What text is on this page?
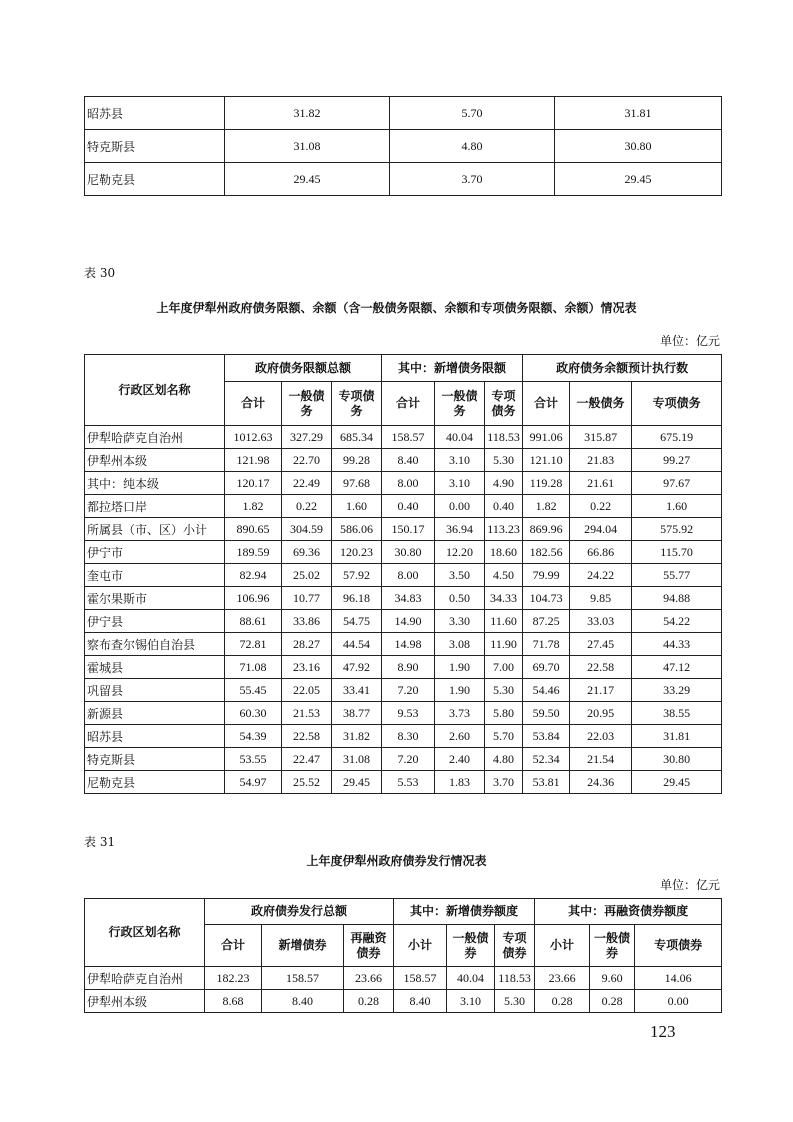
昭苏县	31.82	5.70	31.81
特克斯县	31.08	4.80	30.80
尼勒克县	29.45	3.70	29.45
表 30
上年度伊犁州政府债务限额、余额（含一般债务限额、余额和专项债务限额、余额）情况表
单位：亿元
行政区划名称	政府债务限额总额			其中：新增债务限额			政府债务余额预计执行数		
	合计	一般债务	专项债务	合计	一般债务	专项债务	合计	一般债务	专项债务
伊犁哈萨克自治州	1012.63	327.29	685.34	158.57	40.04	118.53	991.06	315.87	675.19
伊犁州本级	121.98	22.70	99.28	8.40	3.10	5.30	121.10	21.83	99.27
其中：纯本级	120.17	22.49	97.68	8.00	3.10	4.90	119.28	21.61	97.67
都拉塔口岸	1.82	0.22	1.60	0.40	0.00	0.40	1.82	0.22	1.60
所属县（市、区）小计	890.65	304.59	586.06	150.17	36.94	113.23	869.96	294.04	575.92
伊宁市	189.59	69.36	120.23	30.80	12.20	18.60	182.56	66.86	115.70
奎屯市	82.94	25.02	57.92	8.00	3.50	4.50	79.99	24.22	55.77
霍尔果斯市	106.96	10.77	96.18	34.83	0.50	34.33	104.73	9.85	94.88
伊宁县	88.61	33.86	54.75	14.90	3.30	11.60	87.25	33.03	54.22
察布查尔锡伯自治县	72.81	28.27	44.54	14.98	3.08	11.90	71.78	27.45	44.33
霍城县	71.08	23.16	47.92	8.90	1.90	7.00	69.70	22.58	47.12
巩留县	55.45	22.05	33.41	7.20	1.90	5.30	54.46	21.17	33.29
新源县	60.30	21.53	38.77	9.53	3.73	5.80	59.50	20.95	38.55
昭苏县	54.39	22.58	31.82	8.30	2.60	5.70	53.84	22.03	31.81
特克斯县	53.55	22.47	31.08	7.20	2.40	4.80	52.34	21.54	30.80
尼勒克县	54.97	25.52	29.45	5.53	1.83	3.70	53.81	24.36	29.45
表 31
上年度伊犁州政府债券发行情况表
单位：亿元
行政区划名称	政府债券发行总额			其中：新增债券额度			其中：再融资债券额度		
	合计	新增债券	再融资债券	小计	一般债券	专项债券	小计	一般债券	专项债券
伊犁哈萨克自治州	182.23	158.57	23.66	158.57	40.04	118.53	23.66	9.60	14.06
伊犁州本级	8.68	8.40	0.28	8.40	3.10	5.30	0.28	0.28	0.00
123
